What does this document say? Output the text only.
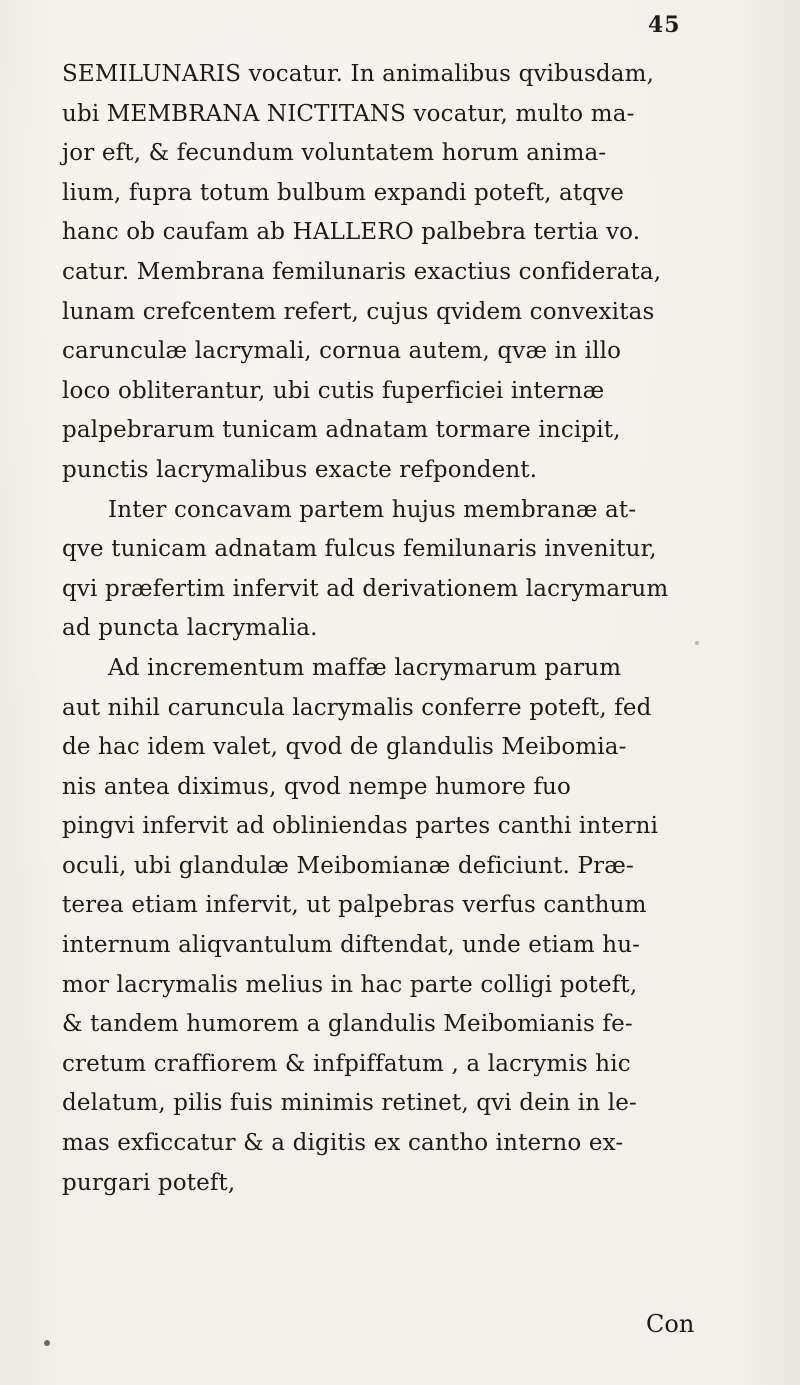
45
SEMILUNARIS vocatur. In animalibus qvibusdam,
ubi MEMBRANA NICTITANS vocatur, multo ma-
jor eft, & fecundum voluntatem horum anima-
lium, fupra totum bulbum expandi poteft, atqve
hanc ob caufam ab HALLERO palbebra tertia vo.
catur. Membrana femilunaris exactius confiderata,
lunam crefcentem refert, cujus qvidem convexitas
carunculæ lacrymali, cornua autem, qvæ in illo
loco obliterantur, ubi cutis fuperficiei internæ
palpebrarum tunicam adnatam tormare incipit,
punctis lacrymalibus exacte refpondent.
Inter concavam partem hujus membranæ at-
qve tunicam adnatam fulcus femilunaris invenitur,
qvi præfertim infervit ad derivationem lacrymarum
ad puncta lacrymalia.
Ad incrementum maffæ lacrymarum parum
aut nihil caruncula lacrymalis conferre poteft, fed
de hac idem valet, qvod de glandulis Meibomia-
nis antea diximus, qvod nempe humore fuo
pingvi infervit ad obliniendas partes canthi interni
oculi, ubi glandulæ Meibomianæ deficiunt. Præ-
terea etiam infervit, ut palpebras verfus canthum
internum aliqvantulum diftendat, unde etiam hu-
mor lacrymalis melius in hac parte colligi poteft,
& tandem humorem a glandulis Meibomianis fe-
cretum craffiorem & infpiffatum , a lacrymis hic
delatum, pilis fuis minimis retinet, qvi dein in le-
mas exficcatur & a digitis ex cantho interno ex-
purgari poteft,
Con
